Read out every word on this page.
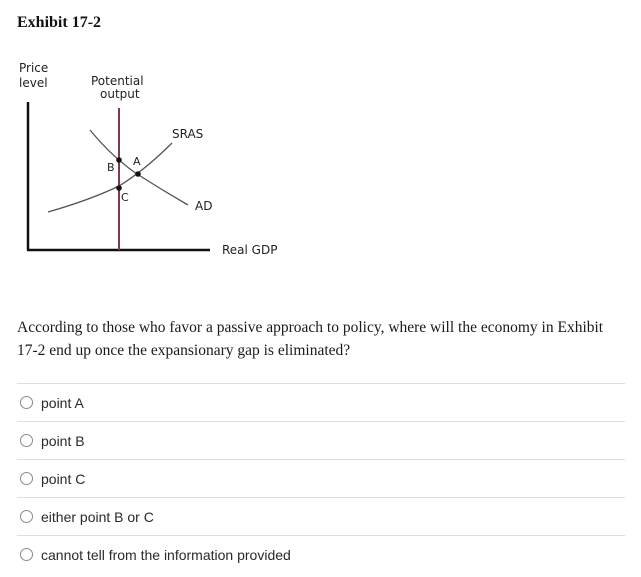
Exhibit 17-2
Price
level	Potential
output
Real GDP
SRAS
AD
B A
C
According to those who favor a passive approach to policy, where will the economy in Exhibit 17-2 end up once the expansionary gap is eliminated?
point A
point B
point C
either point B or C
cannot tell from the information provided
